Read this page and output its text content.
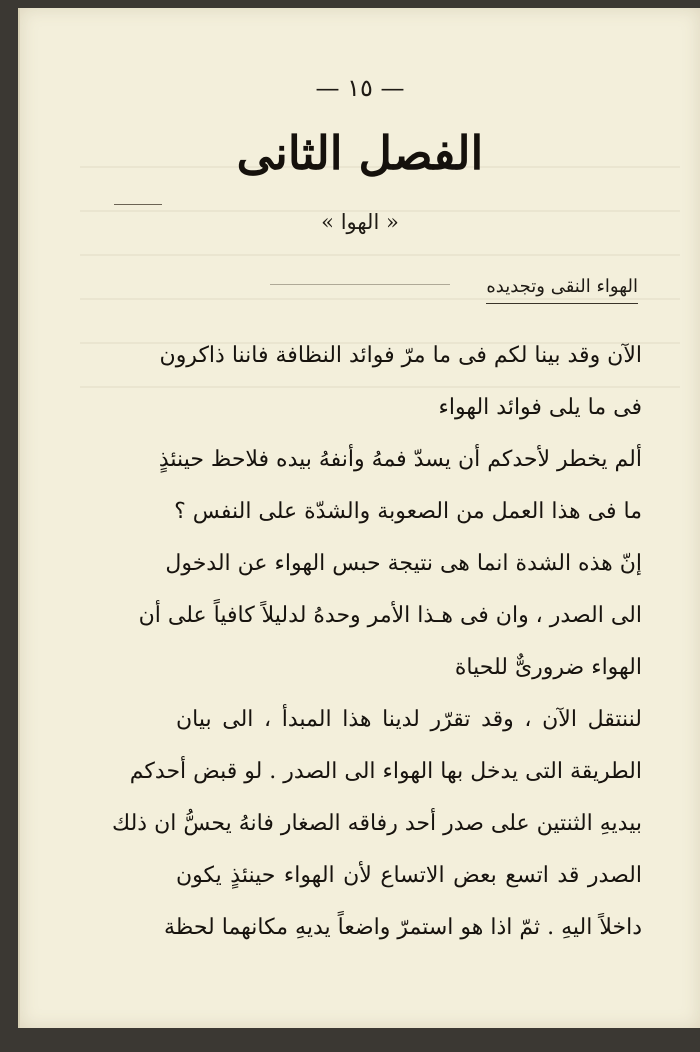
— ١٥ —
الفصل الثانى
« الهوا »
الهواء النقى وتجديده
الآن وقد بينا لكم فى ما مرّ فوائد النظافة فاننا ذاكرون
فى ما يلى فوائد الهواء
ألم يخطر لأحدكم أن يسدّ فمهُ وأنفهُ بيده فلاحظ حينئذٍ
ما فى هذا العمل من الصعوبة والشدّة على النفس ؟
إنّ هذه الشدة انما هى نتيجة حبس الهواء عن الدخول
الى الصدر ، وان فى هـذا الأمر وحدهُ لدليلاً كافياً على أن
الهواء ضرورىٌّ للحياة
لننتقل الآن ، وقد تقرّر لدينا هذا المبدأ ، الى بيان
الطريقة التى يدخل بها الهواء الى الصدر . لو قبض أحدكم
بيديهِ الثنتين على صدر أحد رفاقه الصغار فانهُ يحسُّ ان ذلك
الصدر قد اتسع بعض الاتساع لأن الهواء حينئذٍ يكون
داخلاً اليهِ . ثمّ اذا هو استمرّ واضعاً يديهِ مكانهما لحظة
